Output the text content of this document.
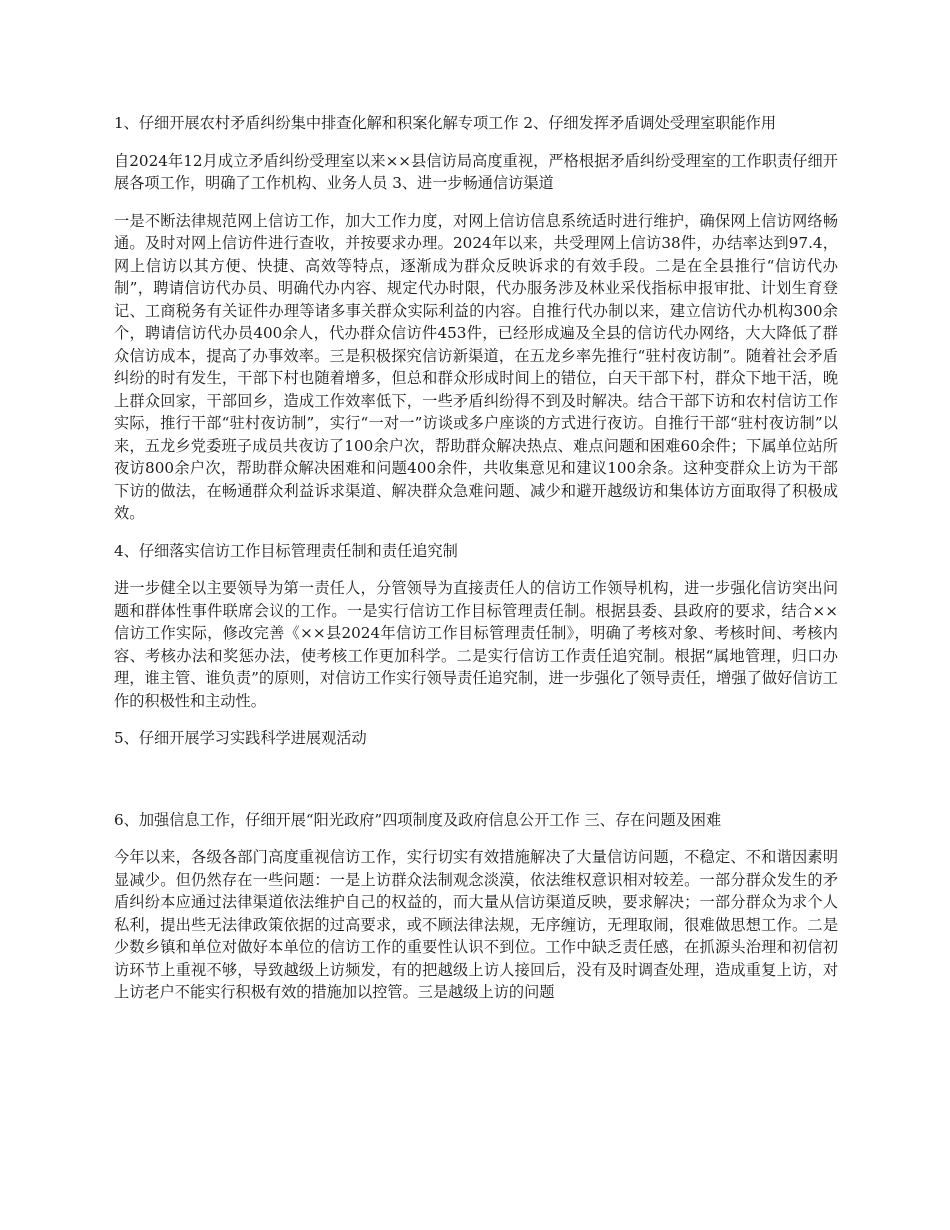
1、仔细开展农村矛盾纠纷集中排查化解和积案化解专项工作 2、仔细发挥矛盾调处受理室职能作用

自2024年12月成立矛盾纠纷受理室以来××县信访局高度重视，严格根据矛盾纠纷受理室的工作职责仔细开展各项工作，明确了工作机构、业务人员 3、进一步畅通信访渠道

一是不断法律规范网上信访工作，加大工作力度，对网上信访信息系统适时进行维护，确保网上信访网络畅通。及时对网上信访件进行查收，并按要求办理。2024年以来，共受理网上信访38件，办结率达到97.4，网上信访以其方便、快捷、高效等特点，逐渐成为群众反映诉求的有效手段。二是在全县推行“信访代办制”，聘请信访代办员、明确代办内容、规定代办时限，代办服务涉及林业采伐指标申报审批、计划生育登记、工商税务有关证件办理等诸多事关群众实际利益的内容。自推行代办制以来，建立信访代办机构300余个，聘请信访代办员400余人，代办群众信访件453件，已经形成遍及全县的信访代办网络，大大降低了群众信访成本，提高了办事效率。三是积极探究信访新渠道，在五龙乡率先推行“驻村夜访制”。随着社会矛盾纠纷的时有发生，干部下村也随着增多，但总和群众形成时间上的错位，白天干部下村，群众下地干活，晚上群众回家，干部回乡，造成工作效率低下，一些矛盾纠纷得不到及时解决。结合干部下访和农村信访工作实际，推行干部“驻村夜访制”，实行“一对一”访谈或多户座谈的方式进行夜访。自推行干部“驻村夜访制”以来，五龙乡党委班子成员共夜访了100余户次，帮助群众解决热点、难点问题和困难60余件；下属单位站所夜访800余户次，帮助群众解决困难和问题400余件，共收集意见和建议100余条。这种变群众上访为干部下访的做法，在畅通群众利益诉求渠道、解决群众急难问题、减少和避开越级访和集体访方面取得了积极成效。

4、仔细落实信访工作目标管理责任制和责任追究制

进一步健全以主要领导为第一责任人，分管领导为直接责任人的信访工作领导机构，进一步强化信访突出问题和群体性事件联席会议的工作。一是实行信访工作目标管理责任制。根据县委、县政府的要求，结合××信访工作实际，修改完善《××县2024年信访工作目标管理责任制》，明确了考核对象、考核时间、考核内容、考核办法和奖惩办法，使考核工作更加科学。二是实行信访工作责任追究制。根据“属地管理，归口办理，谁主管、谁负责”的原则，对信访工作实行领导责任追究制，进一步强化了领导责任，增强了做好信访工作的积极性和主动性。

5、仔细开展学习实践科学进展观活动

6、加强信息工作，仔细开展“阳光政府”四项制度及政府信息公开工作 三、存在问题及困难

今年以来，各级各部门高度重视信访工作，实行切实有效措施解决了大量信访问题，不稳定、不和谐因素明显减少。但仍然存在一些问题：一是上访群众法制观念淡漠，依法维权意识相对较差。一部分群众发生的矛盾纠纷本应通过法律渠道依法维护自己的权益的，而大量从信访渠道反映，要求解决；一部分群众为求个人私利，提出些无法律政策依据的过高要求，或不顾法律法规，无序缠访，无理取闹，很难做思想工作。二是少数乡镇和单位对做好本单位的信访工作的重要性认识不到位。工作中缺乏责任感，在抓源头治理和初信初访环节上重视不够，导致越级上访频发，有的把越级上访人接回后，没有及时调查处理，造成重复上访，对上访老户不能实行积极有效的措施加以控管。三是越级上访的问题
